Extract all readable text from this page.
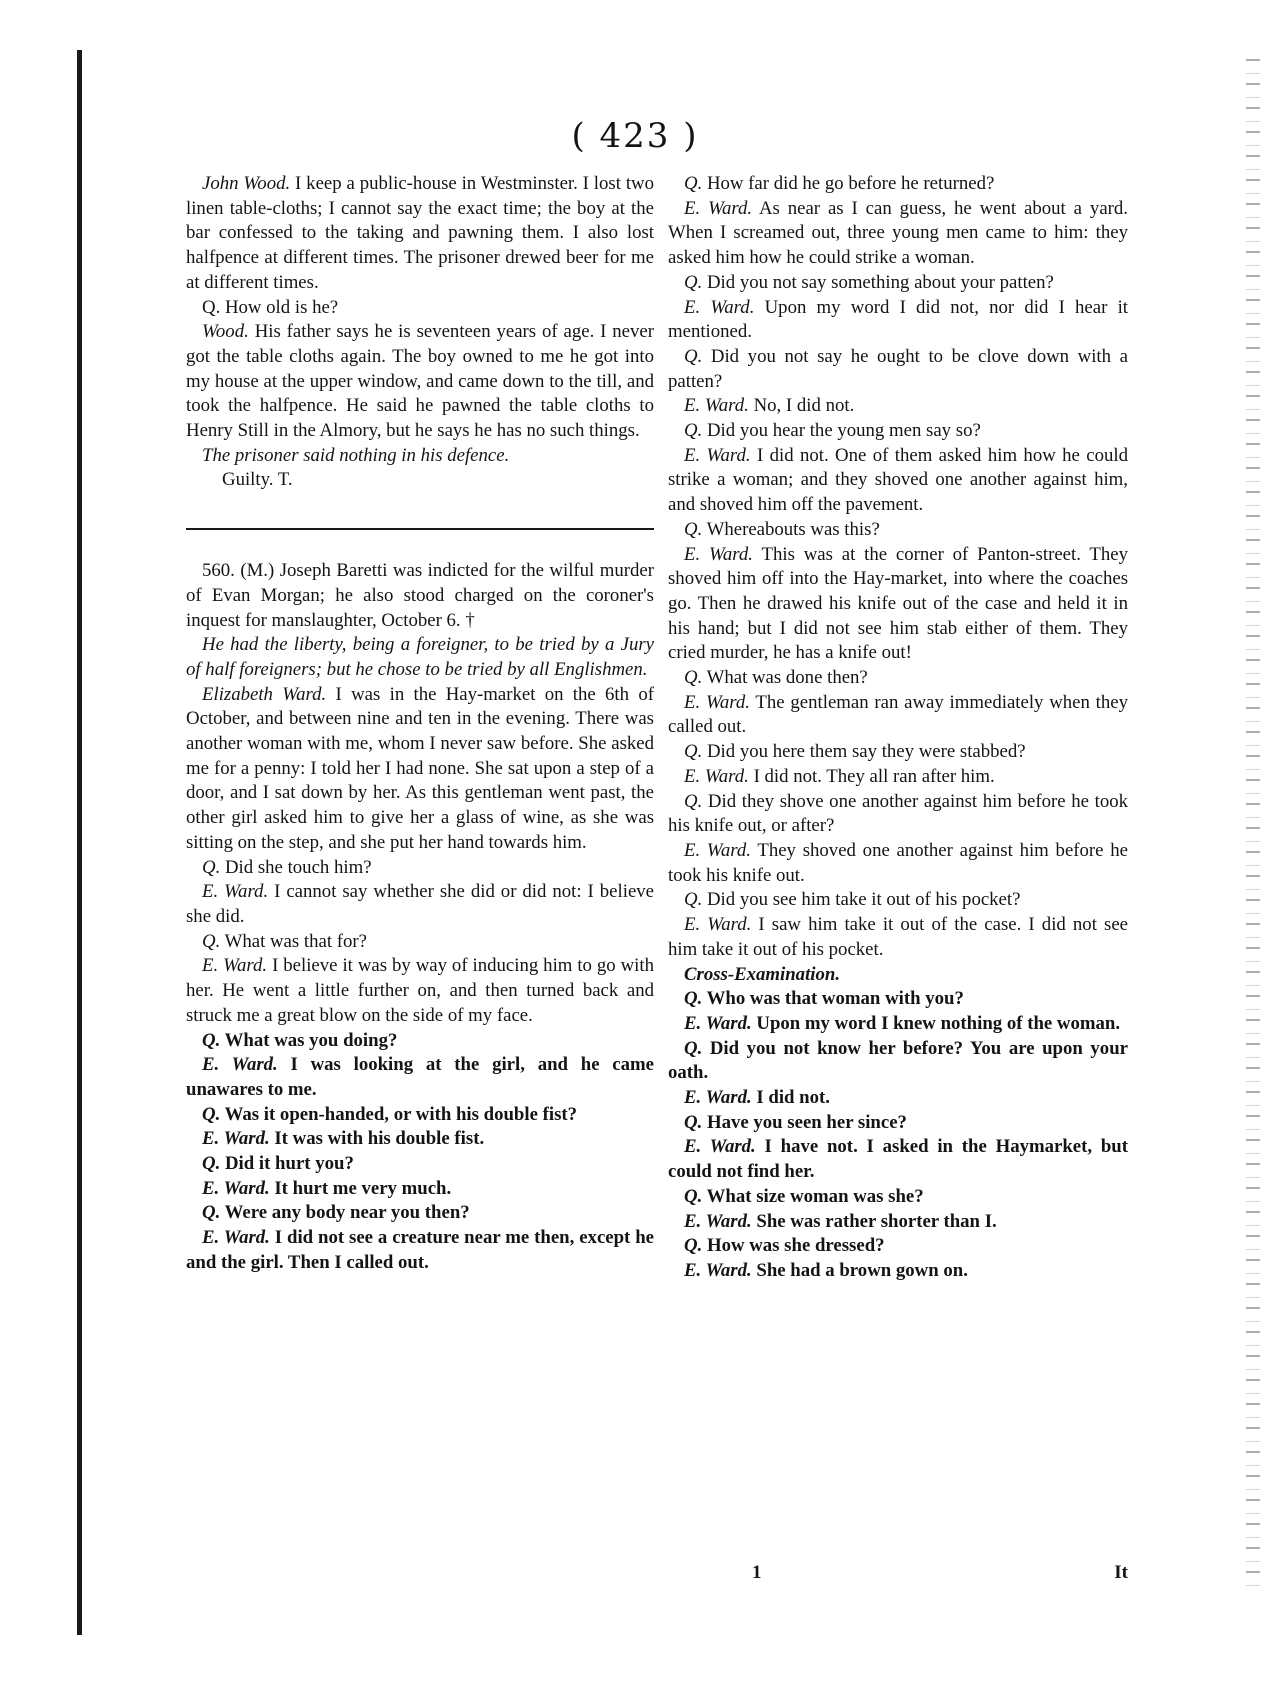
( 423 )

John Wood. I keep a public-house in Westminster. I lost two linen table-cloths; I cannot say the exact time; the boy at the bar confessed to the taking and pawning them. I also lost halfpence at different times. The prisoner drewed beer for me at different times.

Q. How old is he?

Wood. His father says he is seventeen years of age. I never got the table cloths again. The boy owned to me he got into my house at the upper window, and came down to the till, and took the halfpence. He said he pawned the table cloths to Henry Still in the Almory, but he says he has no such things.

The prisoner said nothing in his defence.

Guilty. T.

560. (M.) Joseph Baretti was indicted for the wilful murder of Evan Morgan; he also stood charged on the coroner's inquest for manslaughter, October 6. †

He had the liberty, being a foreigner, to be tried by a Jury of half foreigners; but he chose to be tried by all Englishmen.

Elizabeth Ward. I was in the Hay-market on the 6th of October, and between nine and ten in the evening. There was another woman with me, whom I never saw before. She asked me for a penny: I told her I had none. She sat upon a step of a door, and I sat down by her. As this gentleman went past, the other girl asked him to give her a glass of wine, as she was sitting on the step, and she put her hand towards him.

Q. Did she touch him?

E. Ward. I cannot say whether she did or did not: I believe she did.

Q. What was that for?

E. Ward. I believe it was by way of inducing him to go with her. He went a little further on, and then turned back and struck me a great blow on the side of my face.

Q. What was you doing?

E. Ward. I was looking at the girl, and he came unawares to me.

Q. Was it open-handed, or with his double fist?

E. Ward. It was with his double fist.

Q. Did it hurt you?

E. Ward. It hurt me very much.

Q. Were any body near you then?

E. Ward. I did not see a creature near me then, except he and the girl. Then I called out.

Q. How far did he go before he returned?

E. Ward. As near as I can guess, he went about a yard. When I screamed out, three young men came to him: they asked him how he could strike a woman.

Q. Did you not say something about your patten?

E. Ward. Upon my word I did not, nor did I hear it mentioned.

Q. Did you not say he ought to be clove down with a patten?

E. Ward. No, I did not.

Q. Did you hear the young men say so?

E. Ward. I did not. One of them asked him how he could strike a woman; and they shoved one another against him, and shoved him off the pavement.

Q. Whereabouts was this?

E. Ward. This was at the corner of Panton-street. They shoved him off into the Hay-market, into where the coaches go. Then he drawed his knife out of the case and held it in his hand; but I did not see him stab either of them. They cried murder, he has a knife out!

Q. What was done then?

E. Ward. The gentleman ran away immediately when they called out.

Q. Did you here them say they were stabbed?

E. Ward. I did not. They all ran after him.

Q. Did they shove one another against him before he took his knife out, or after?

E. Ward. They shoved one another against him before he took his knife out.

Q. Did you see him take it out of his pocket?

E. Ward. I saw him take it out of the case. I did not see him take it out of his pocket.

Cross-Examination.

Q. Who was that woman with you?

E. Ward. Upon my word I knew nothing of the woman.

Q. Did you not know her before? You are upon your oath.

E. Ward. I did not.

Q. Have you seen her since?

E. Ward. I have not. I asked in the Haymarket, but could not find her.

Q. What size woman was she?

E. Ward. She was rather shorter than I.

Q. How was she dressed?

E. Ward. She had a brown gown on.

1	It
